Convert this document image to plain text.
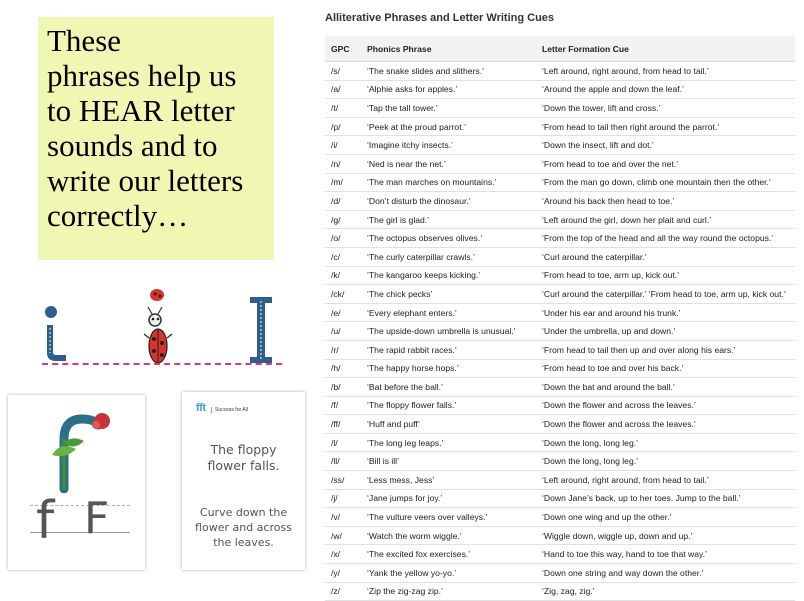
These
phrases help us
to HEAR letter
sounds and to
write our letters
correctly…
f F
fft Success for All
The floppy
flower falls.
Curve down the
flower and across
the leaves.
Alliterative Phrases and Letter Writing Cues
GPC	Phonics Phrase	Letter Formation Cue
/s/	‘The snake slides and slithers.’	‘Left around, right around, from head to tail.’
/a/	‘Alphie asks for apples.’	‘Around the apple and down the leaf.’
/t/	‘Tap the tall tower.’	‘Down the tower, lift and cross.’
/p/	‘Peek at the proud parrot.’	‘From head to tail then right around the parrot.’
/i/	‘Imagine itchy insects.’	‘Down the insect, lift and dot.’
/n/	‘Ned is near the net.’	‘From head to toe and over the net.’
/m/	‘The man marches on mountains.’	‘From the man go down, climb one mountain then the other.’
/d/	‘Don’t disturb the dinosaur.’	‘Around his back then head to toe.’
/g/	‘The girl is glad.’	‘Left around the girl, down her plait and curl.’
/o/	‘The octopus observes olives.’	‘From the top of the head and all the way round the octopus.’
/c/	‘The curly caterpillar crawls.’	‘Curl around the caterpillar.’
/k/	‘The kangaroo keeps kicking.’	‘From head to toe, arm up, kick out.’
/ck/	‘The chick pecks’	‘Curl around the caterpillar.’ ‘From head to toe, arm up, kick out.’
/e/	‘Every elephant enters.’	‘Under his ear and around his trunk.’
/u/	‘The upside-down umbrella is unusual.’	‘Under the umbrella, up and down.’
/r/	‘The rapid rabbit races.’	‘From head to tail then up and over along his ears.’
/h/	‘The happy horse hops.’	‘From head to toe and over his back.’
/b/	‘Bat before the ball.’	‘Down the bat and around the ball.’
/f/	‘The floppy flower falls.’	‘Down the flower and across the leaves.’
/ff/	‘Huff and puff’	‘Down the flower and across the leaves.’
/l/	‘The long leg leaps.’	‘Down the long, long leg.’
/ll/	‘Bill is ill’	‘Down the long, long leg.’
/ss/	‘Less mess, Jess’	‘Left around, right around, from head to tail.’
/j/	‘Jane jumps for joy.’	‘Down Jane’s back, up to her toes. Jump to the ball.’
/v/	‘The vulture veers over valleys.’	‘Down one wing and up the other.’
/w/	‘Watch the worm wiggle.’	‘Wiggle down, wiggle up, down and up.’
/x/	‘The excited fox exercises.’	‘Hand to toe this way, hand to toe that way.’
/y/	‘Yank the yellow yo-yo.’	‘Down one string and way down the other.’
/z/	‘Zip the zig-zag zip.’	‘Zig, zag, zig.’
